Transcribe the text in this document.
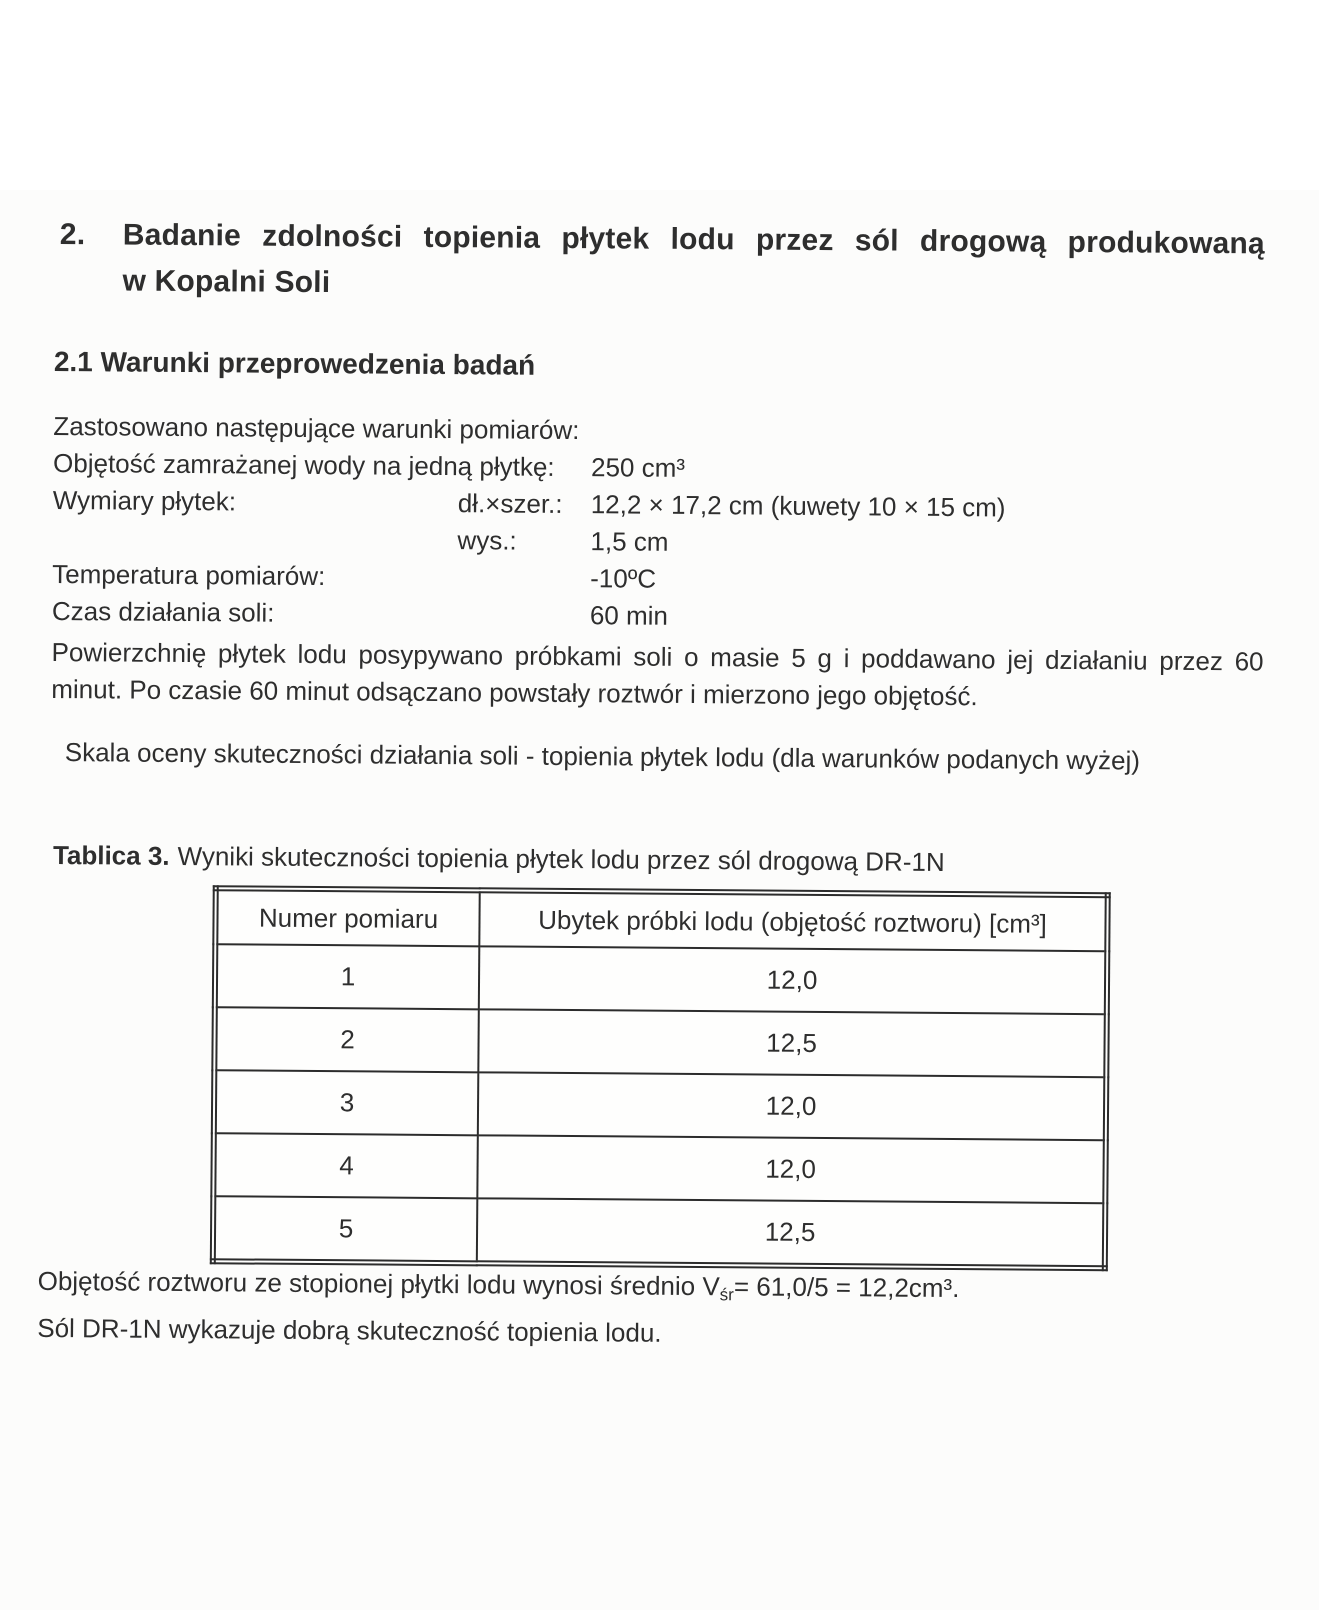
2.	Badanie zdolności topienia płytek lodu przez sól drogową produkowaną
w Kopalni Soli
2.1 Warunki przeprowedzenia badań
Zastosowano następujące warunki pomiarów:
Objętość zamrażanej wody na jedną płytkę: 250 cm³
Wymiary płytek:	dł.×szer.: 12,2 × 17,2 cm (kuwety 10 × 15 cm)
wys.:	1,5 cm
Temperatura pomiarów:	-10ºC
Czas działania soli:	60 min

Powierzchnię płytek lodu posypywano próbkami soli o masie 5 g i poddawano jej działaniu przez 60 minut. Po czasie 60 minut odsączano powstały roztwór i mierzono jego objętość.

Skala oceny skuteczności działania soli - topienia płytek lodu (dla warunków podanych wyżej)
Tablica 3. Wyniki skuteczności topienia płytek lodu przez sól drogową DR-1N
Numer pomiaru	Ubytek próbki lodu (objętość roztworu) [cm³]
1	12,0
2	12,5
3	12,0
4	12,0
5	12,5
Objętość roztworu ze stopionej płytki lodu wynosi średnio $V_{śr}= 61,0/5 = 12,2cm^3$.
Sól DR-1N wykazuje dobrą skuteczność topienia lodu.
